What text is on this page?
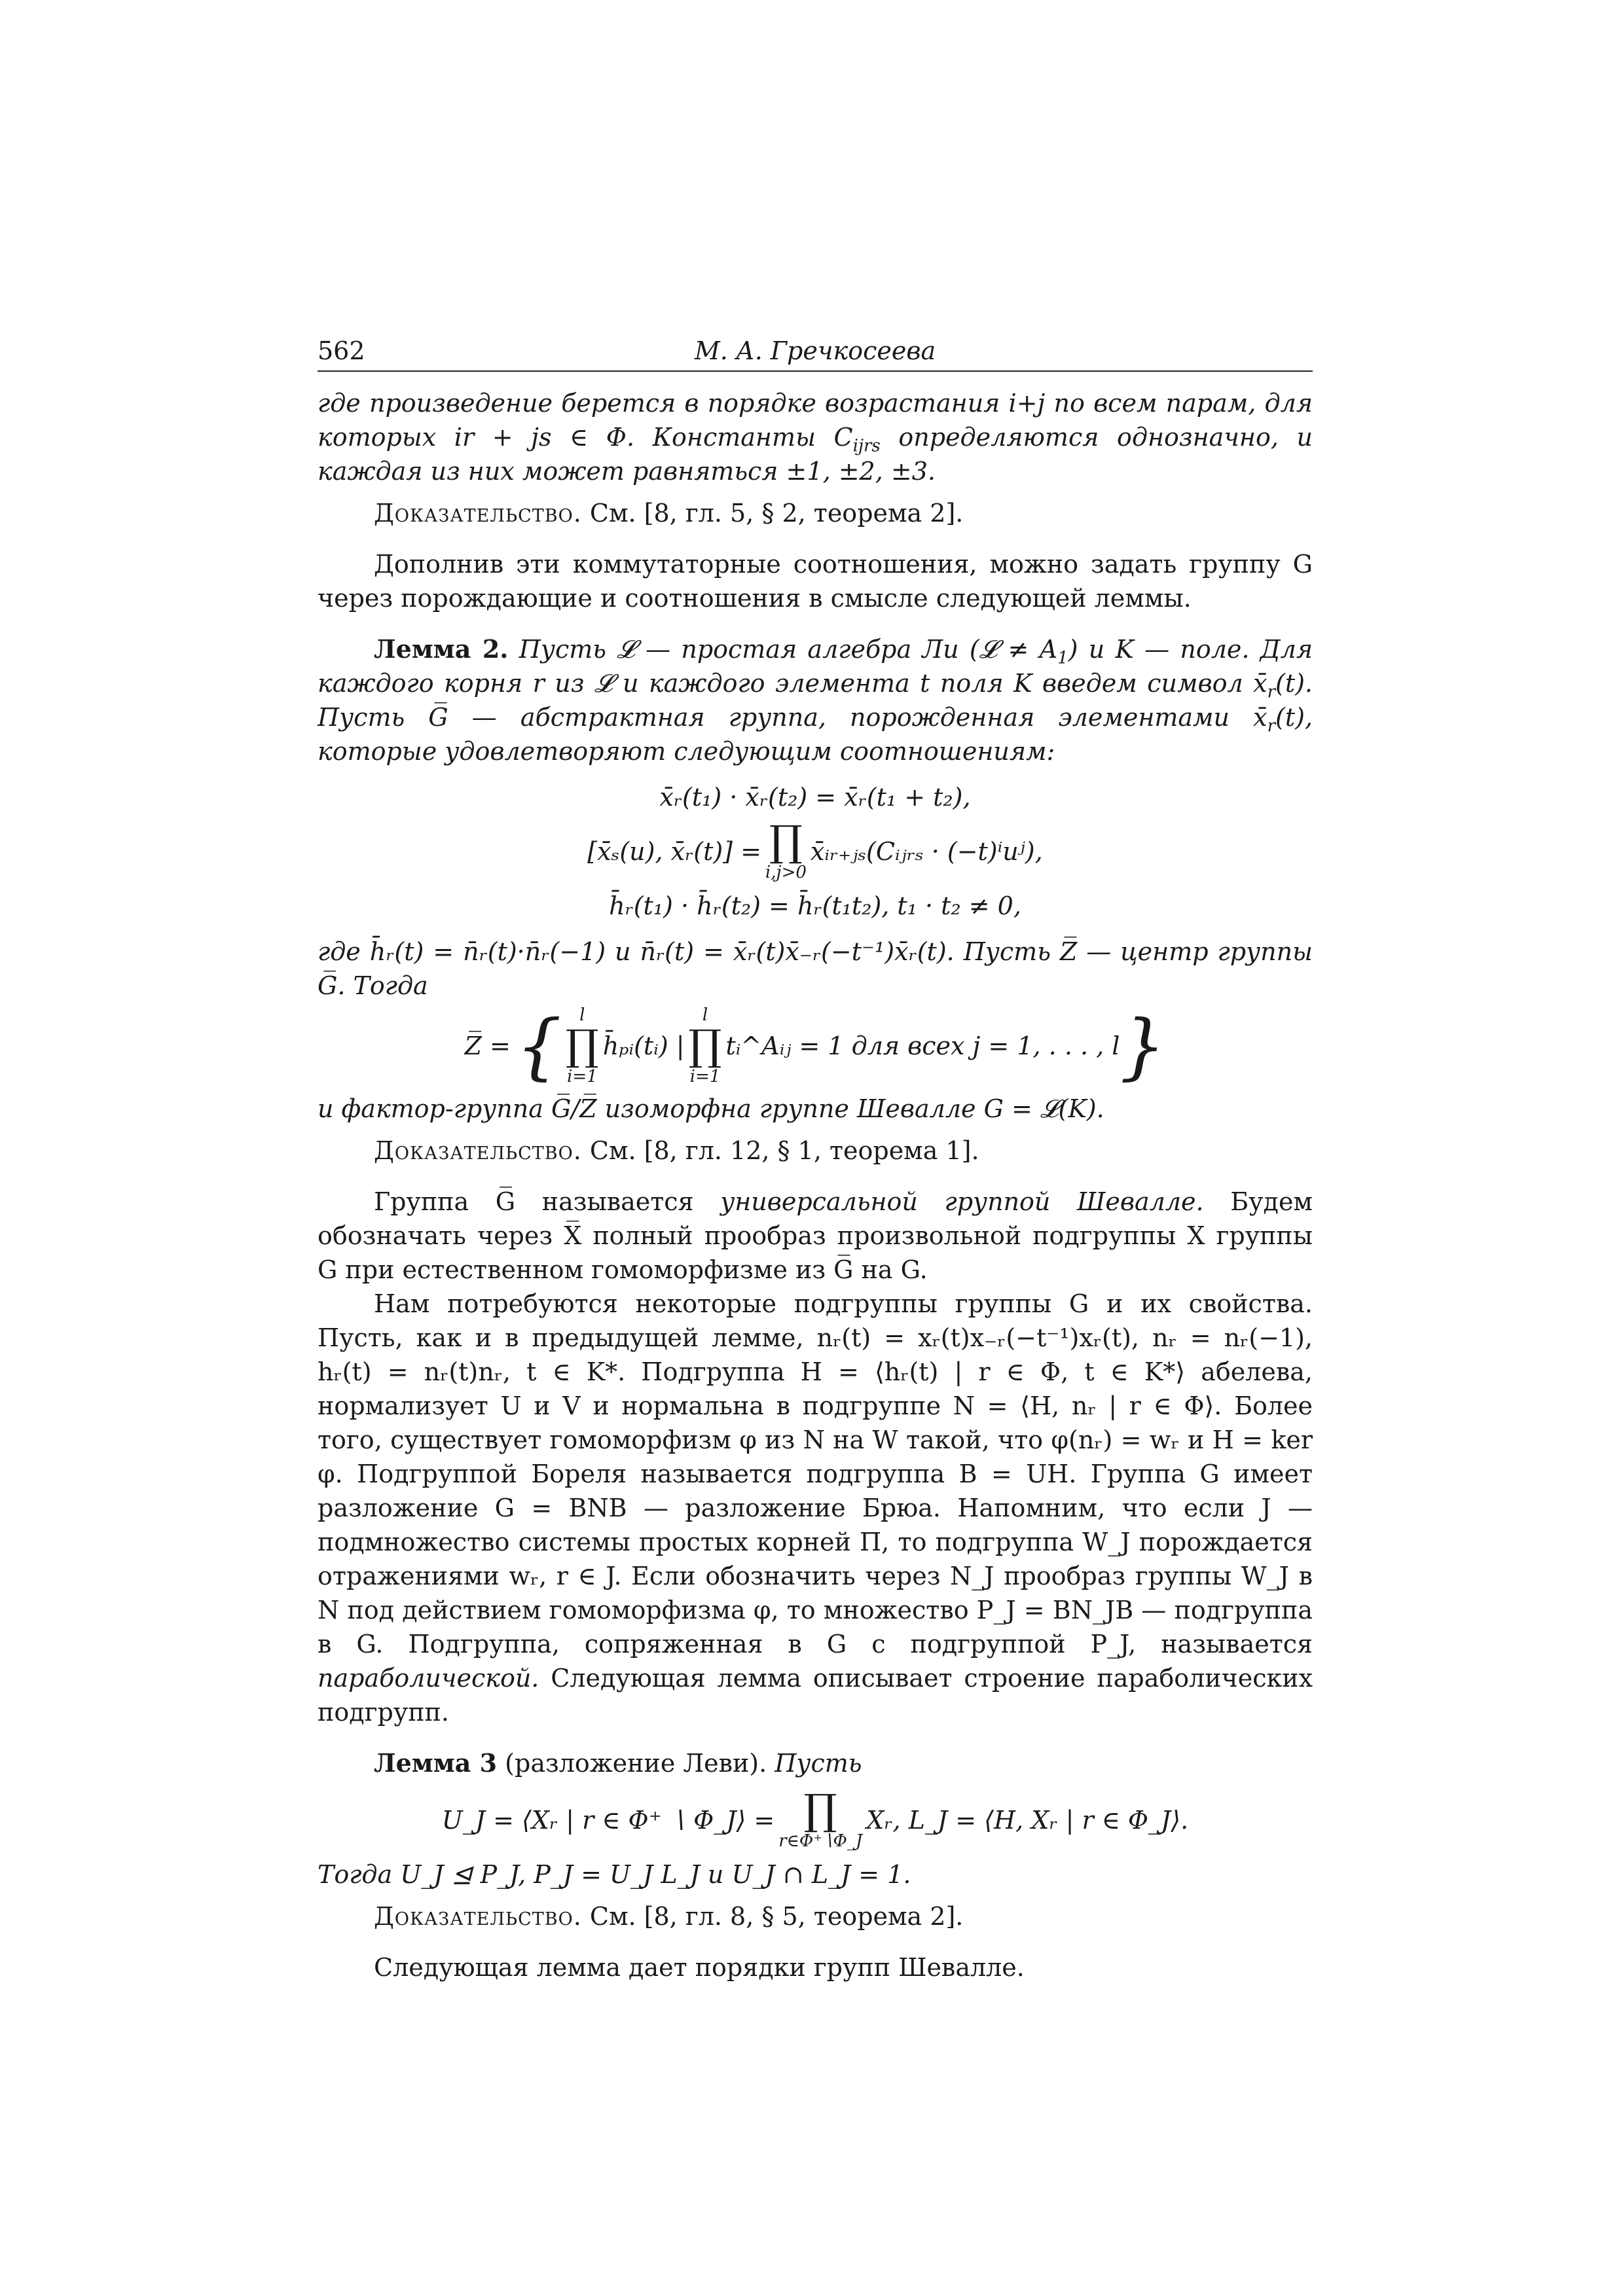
562	М. А. Гречкосеева

где произведение берется в порядке возрастания i+j по всем парам, для которых ir + js ∈ Φ. Константы $C_{ijrs}$ определяются однозначно, и каждая из них может равняться ±1, ±2, ±3.

Доказательство. См. [8, гл. 5, § 2, теорема 2].

Дополнив эти коммутаторные соотношения, можно задать группу G через порождающие и соотношения в смысле следующей леммы.

Лемма 2. Пусть 𝓛 — простая алгебра Ли (𝓛 ≠ $A_1$) и K — поле. Для каждого корня r из 𝓛 и каждого элемента t поля K введем символ $x̄_r(t)$. Пусть G̅ — абстрактная группа, порожденная элементами $x̄_r(t)$, которые удовлетворяют следующим соотношениям:

x̄ᵣ(t₁) · x̄ᵣ(t₂) = x̄ᵣ(t₁ + t₂),
[x̄ₛ(u), x̄ᵣ(t)] = ∏
i,j>0
x̄ᵢᵣ₊ⱼₛ(Cᵢⱼᵣₛ · (−t)ⁱuʲ),
h̄ᵣ(t₁) · h̄ᵣ(t₂) = h̄ᵣ(t₁t₂), t₁ · t₂ ≠ 0,

где h̄ᵣ(t) = n̄ᵣ(t)·n̄ᵣ(−1) и n̄ᵣ(t) = x̄ᵣ(t)x̄₋ᵣ(−t⁻¹)x̄ᵣ(t). Пусть Z̅ — центр группы G̅. Тогда

Z̅ = { l
∏
i=1
h̄ₚᵢ(tᵢ) |
l
∏
i=1
tᵢ^Aᵢⱼ = 1 для всех j = 1, . . . , l }

и фактор-группа G̅/Z̅ изоморфна группе Шевалле G = 𝓛(K).

Доказательство. См. [8, гл. 12, § 1, теорема 1].

Группа G̅ называется универсальной группой Шевалле. Будем обозначать через X̅ полный прообраз произвольной подгруппы X группы G при естественном гомоморфизме из G̅ на G.

Нам потребуются некоторые подгруппы группы G и их свойства. Пусть, как и в предыдущей лемме, nᵣ(t) = xᵣ(t)x₋ᵣ(−t⁻¹)xᵣ(t), nᵣ = nᵣ(−1), hᵣ(t) = nᵣ(t)nᵣ, t ∈ K*. Подгруппа H = ⟨hᵣ(t) | r ∈ Φ, t ∈ K*⟩ абелева, нормализует U и V и нормальна в подгруппе N = ⟨H, nᵣ | r ∈ Φ⟩. Более того, существует гомоморфизм φ из N на W такой, что φ(nᵣ) = wᵣ и H = ker φ. Подгруппой Бореля называется подгруппа B = UH. Группа G имеет разложение G = BNB — разложение Брюа. Напомним, что если J — подмножество системы простых корней Π, то подгруппа W_J порождается отражениями wᵣ, r ∈ J. Если обозначить через N_J прообраз группы W_J в N под действием гомоморфизма φ, то множество P_J = BN_JB — подгруппа в G. Подгруппа, сопряженная в G с подгруппой P_J, называется параболической. Следующая лемма описывает строение параболических подгрупп.

Лемма 3 (разложение Леви). Пусть

U_J = ⟨Xᵣ | r ∈ Φ⁺ ∖ Φ_J⟩ = ∏
r∈Φ⁺∖Φ_J
Xᵣ, L_J = ⟨H, Xᵣ | r ∈ Φ_J⟩.

Тогда U_J ⊴ P_J, P_J = U_J L_J и U_J ∩ L_J = 1.

Доказательство. См. [8, гл. 8, § 5, теорема 2].

Следующая лемма дает порядки групп Шевалле.
